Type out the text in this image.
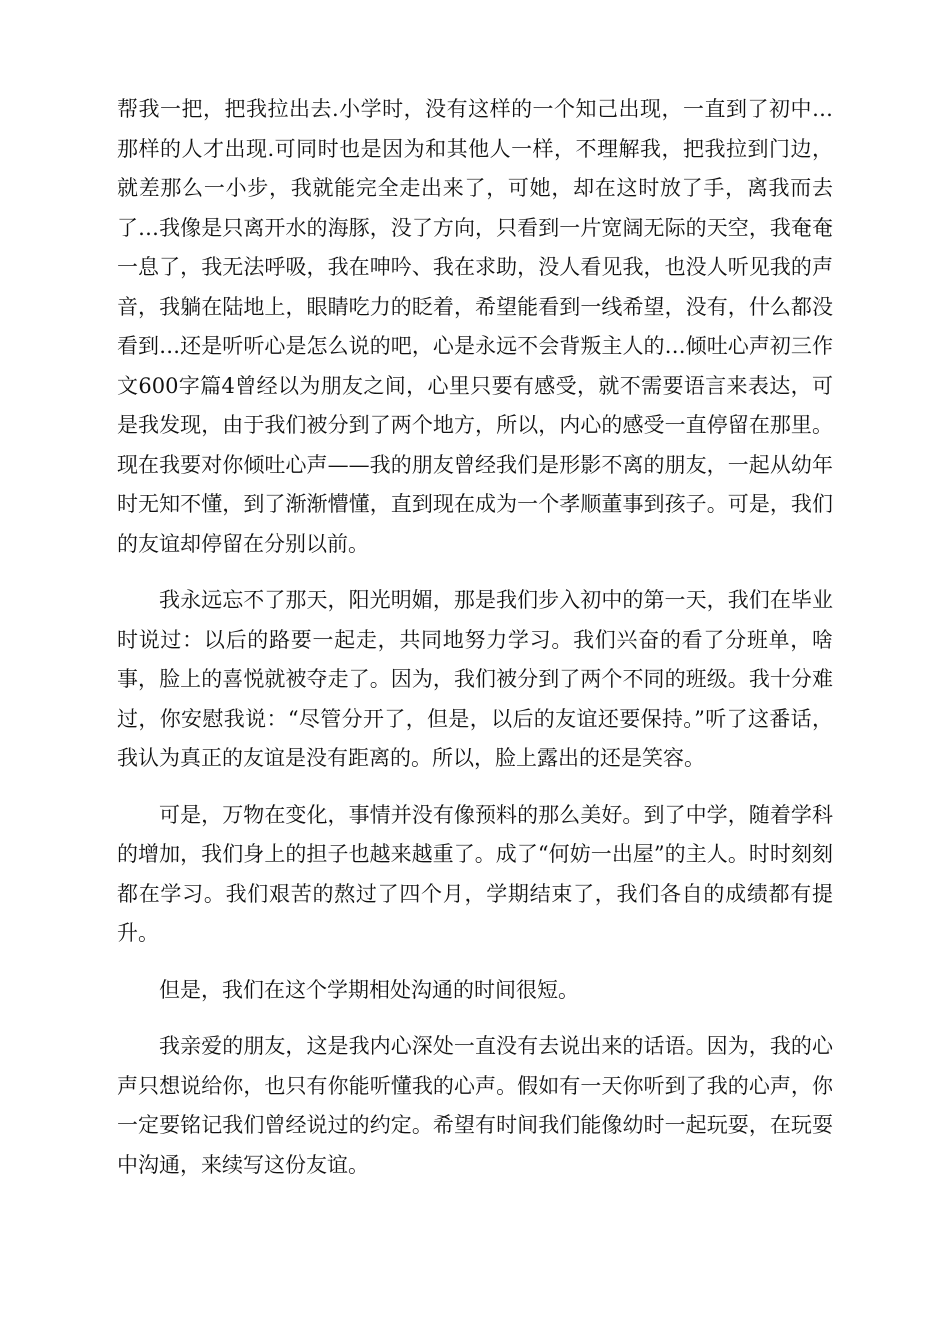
帮我一把，把我拉出去.小学时，没有这样的一个知己出现，一直到了初中…那样的人才出现.可同时也是因为和其他人一样，不理解我，把我拉到门边，就差那么一小步，我就能完全走出来了，可她，却在这时放了手，离我而去了…我像是只离开水的海豚，没了方向，只看到一片宽阔无际的天空，我奄奄一息了，我无法呼吸，我在呻吟、我在求助，没人看见我，也没人听见我的声音，我躺在陆地上，眼睛吃力的眨着，希望能看到一线希望，没有，什么都没看到…还是听听心是怎么说的吧，心是永远不会背叛主人的…倾吐心声初三作文600字篇4曾经以为朋友之间，心里只要有感受，就不需要语言来表达，可是我发现，由于我们被分到了两个地方，所以，内心的感受一直停留在那里。现在我要对你倾吐心声——我的朋友曾经我们是形影不离的朋友，一起从幼年时无知不懂，到了渐渐懵懂，直到现在成为一个孝顺董事到孩子。可是，我们的友谊却停留在分别以前。

我永远忘不了那天，阳光明媚，那是我们步入初中的第一天，我们在毕业时说过：以后的路要一起走，共同地努力学习。我们兴奋的看了分班单，啥事，脸上的喜悦就被夺走了。因为，我们被分到了两个不同的班级。我十分难过，你安慰我说：“尽管分开了，但是，以后的友谊还要保持。”听了这番话，我认为真正的友谊是没有距离的。所以，脸上露出的还是笑容。

可是，万物在变化，事情并没有像预料的那么美好。到了中学，随着学科的增加，我们身上的担子也越来越重了。成了“何妨一出屋”的主人。时时刻刻都在学习。我们艰苦的熬过了四个月，学期结束了，我们各自的成绩都有提升。

但是，我们在这个学期相处沟通的时间很短。

我亲爱的朋友，这是我内心深处一直没有去说出来的话语。因为，我的心声只想说给你，也只有你能听懂我的心声。假如有一天你听到了我的心声，你一定要铭记我们曾经说过的约定。希望有时间我们能像幼时一起玩耍，在玩耍中沟通，来续写这份友谊。
